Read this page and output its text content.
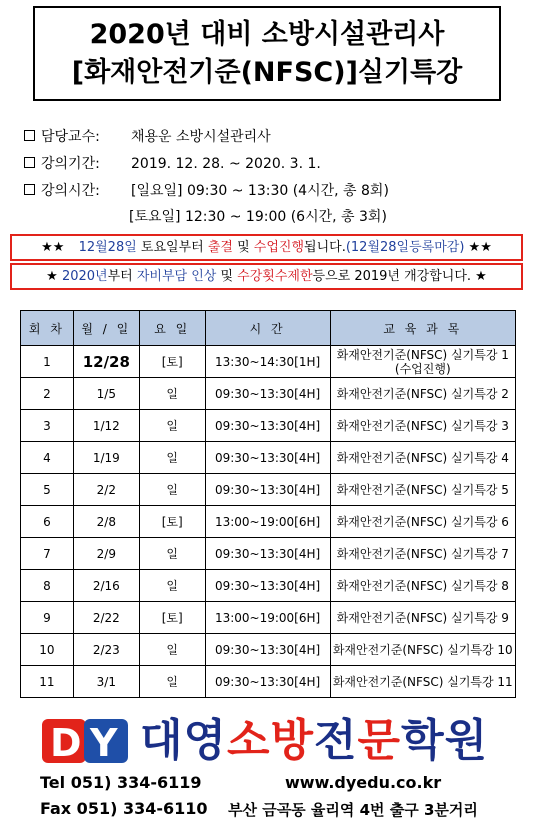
2020년 대비 소방시설관리사
[화재안전기준(NFSC)]실기특강
담당교수: 채용운 소방시설관리사
강의기간: 2019. 12. 28. ~ 2020. 3. 1.
강의시간: [일요일] 09:30 ~ 13:30 (4시간, 총 8회)
[토요일] 12:30 ~ 19:00 (6시간, 총 3회)
★★ 12월28일 토요일부터 출결 및 수업진행됩니다.(12월28일등록마감) ★★
★ 2020년부터 자비부담 인상 및 수강횟수제한등으로 2019년 개강합니다. ★
회 차	월 / 일	요 일	시 간	교 육 과 목
1	12/28	[토]	13:30~14:30[1H]	화재안전기준(NFSC) 실기특강 1
(수업진행)

2	1/5	일	09:30~13:30[4H]	화재안전기준(NFSC) 실기특강 2

3	1/12	일	09:30~13:30[4H]	화재안전기준(NFSC) 실기특강 3

4	1/19	일	09:30~13:30[4H]	화재안전기준(NFSC) 실기특강 4

5	2/2	일	09:30~13:30[4H]	화재안전기준(NFSC) 실기특강 5

6	2/8	[토]	13:00~19:00[6H]	화재안전기준(NFSC) 실기특강 6

7	2/9	일	09:30~13:30[4H]	화재안전기준(NFSC) 실기특강 7

8	2/16	일	09:30~13:30[4H]	화재안전기준(NFSC) 실기특강 8

9	2/22	[토]	13:00~19:00[6H]	화재안전기준(NFSC) 실기특강 9

10	2/23	일	09:30~13:30[4H]	화재안전기준(NFSC) 실기특강 10

11	3/1	일	09:30~13:30[4H]	화재안전기준(NFSC) 실기특강 11
D Y 대영소방전문학원
Tel 051) 334-6119	www.dyedu.co.kr
Fax 051) 334-6110 부산 금곡동 율리역 4번 출구 3분거리
